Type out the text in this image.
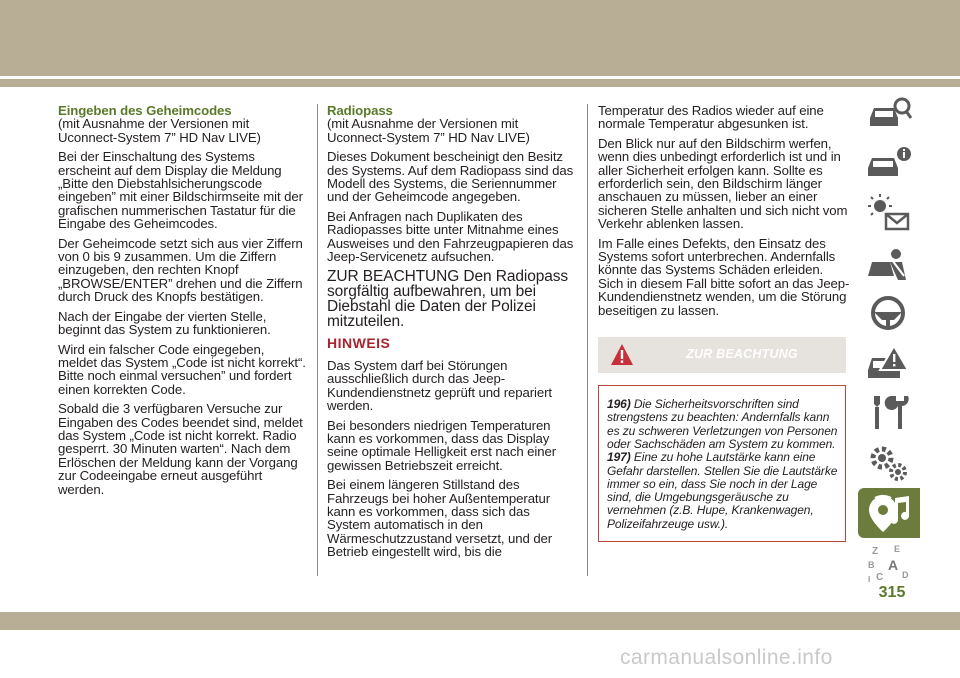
Eingeben des Geheimcodes

(mit Ausnahme der Versionen mit Uconnect-System 7” HD Nav LIVE)

Bei der Einschaltung des Systems erscheint auf dem Display die Meldung „Bitte den Diebstahlsicherungscode eingeben” mit einer Bildschirmseite mit der grafischen nummerischen Tastatur für die Eingabe des Geheimcodes.

Der Geheimcode setzt sich aus vier Ziffern von 0 bis 9 zusammen. Um die Ziffern einzugeben, den rechten Knopf „BROWSE/ENTER” drehen und die Ziffern durch Druck des Knopfs bestätigen.

Nach der Eingabe der vierten Stelle, beginnt das System zu funktionieren.

Wird ein falscher Code eingegeben, meldet das System „Code ist nicht korrekt“. Bitte noch einmal versuchen” und fordert einen korrekten Code.

Sobald die 3 verfügbaren Versuche zur Eingaben des Codes beendet sind, meldet das System „Code ist nicht korrekt. Radio gesperrt. 30 Minuten warten“. Nach dem Erlöschen der Meldung kann der Vorgang zur Codeeingabe erneut ausgeführt werden.

Radiopass

(mit Ausnahme der Versionen mit Uconnect-System 7” HD Nav LIVE)

Dieses Dokument bescheinigt den Besitz des Systems. Auf dem Radiopass sind das Modell des Systems, die Seriennummer und der Geheimcode angegeben.

Bei Anfragen nach Duplikaten des Radiopasses bitte unter Mitnahme eines Ausweises und den Fahrzeugpapieren das Jeep-Servicenetz aufsuchen.

ZUR BEACHTUNG Den Radiopass sorgfältig aufbewahren, um bei Diebstahl die Daten der Polizei mitzuteilen.

HINWEIS

Das System darf bei Störungen ausschließlich durch das Jeep-Kundendienstnetz geprüft und repariert werden.

Bei besonders niedrigen Temperaturen kann es vorkommen, dass das Display seine optimale Helligkeit erst nach einer gewissen Betriebszeit erreicht.

Bei einem längeren Stillstand des Fahrzeugs bei hoher Außentemperatur kann es vorkommen, dass sich das System automatisch in den Wärmeschutzzustand versetzt, und der Betrieb eingestellt wird, bis die

Temperatur des Radios wieder auf eine normale Temperatur abgesunken ist.

Den Blick nur auf den Bildschirm werfen, wenn dies unbedingt erforderlich ist und in aller Sicherheit erfolgen kann. Sollte es erforderlich sein, den Bildschirm länger anschauen zu müssen, lieber an einer sicheren Stelle anhalten und sich nicht vom Verkehr ablenken lassen.

Im Falle eines Defekts, den Einsatz des Systems sofort unterbrechen. Andernfalls könnte das Systems Schäden erleiden. Sich in diesem Fall bitte sofort an das Jeep-Kundendienstnetz wenden, um die Störung beseitigen zu lassen.

ZUR BEACHTUNG
196) Die Sicherheitsvorschriften sind strengstens zu beachten: Andernfalls kann es zu schweren Verletzungen von Personen oder Sachschäden am System zu kommen.
197) Eine zu hohe Lautstärke kann eine Gefahr darstellen. Stellen Sie die Lautstärke immer so ein, dass Sie noch in der Lage sind, die Umgebungsgeräusche zu vernehmen (z.B. Hupe, Krankenwagen, Polizeifahrzeuge usw.).
Z E
B A
C D
I
315
carmanualsonline.info
